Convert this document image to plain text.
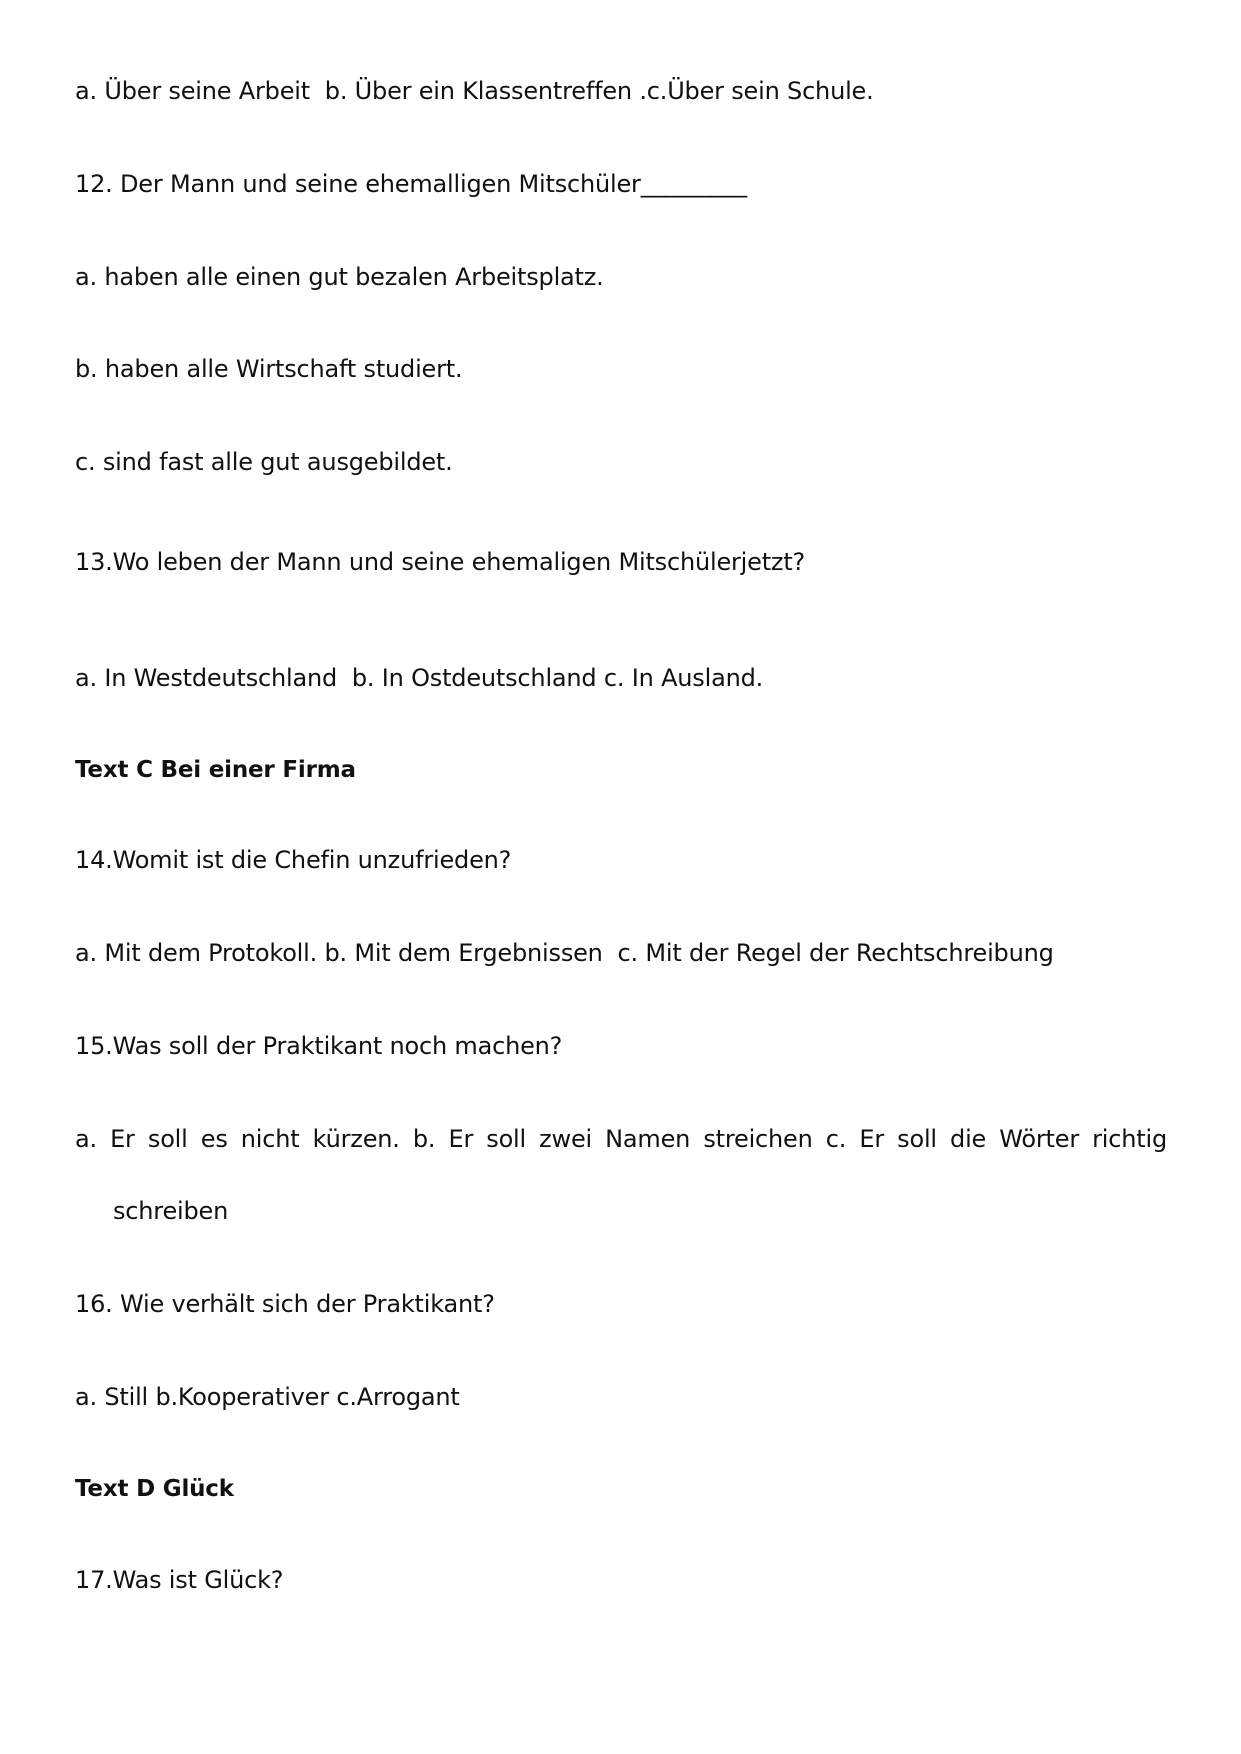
a. Über seine Arbeit  b. Über ein Klassentreffen .c.Über sein Schule.
12. Der Mann und seine ehemalligen Mitschüler_________
a. haben alle einen gut bezalen Arbeitsplatz.
b. haben alle Wirtschaft studiert.
c. sind fast alle gut ausgebildet.
13.Wo leben der Mann und seine ehemaligen Mitschülerjetzt?
a. In Westdeutschland  b. In Ostdeutschland c. In Ausland.
Text C Bei einer Firma
14.Womit ist die Chefin unzufrieden?
a. Mit dem Protokoll. b. Mit dem Ergebnissen  c. Mit der Regel der Rechtschreibung
15.Was soll der Praktikant noch machen?
a. Er soll es nicht kürzen. b. Er soll zwei Namen streichen c. Er soll die Wörter richtig
schreiben
16. Wie verhält sich der Praktikant?
a. Still b.Kooperativer c.Arrogant
Text D Glück
17.Was ist Glück?
